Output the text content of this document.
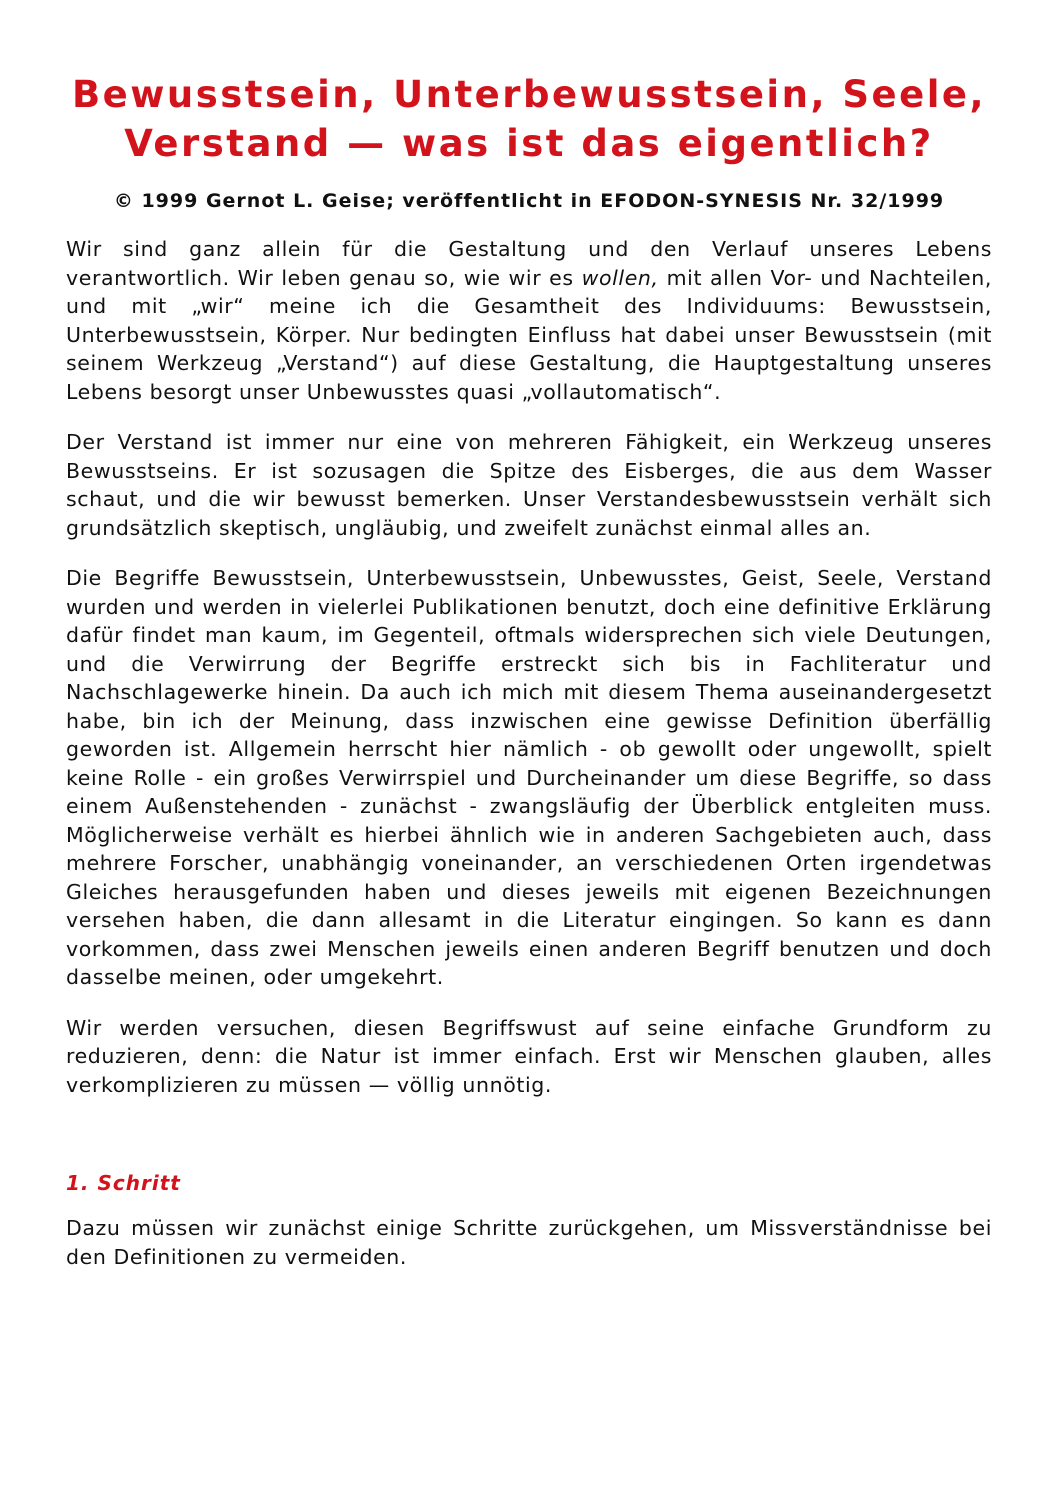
Bewusstsein, Unterbewusstsein, Seele, Verstand — was ist das eigentlich?

© 1999 Gernot L. Geise; veröffentlicht in EFODON-SYNESIS Nr. 32/1999

Wir sind ganz allein für die Gestaltung und den Verlauf unseres Lebens verantwortlich. Wir leben genau so, wie wir es wollen, mit allen Vor- und Nachteilen, und mit „wir“ meine ich die Gesamtheit des Individuums: Bewusstsein, Unterbewusstsein, Körper. Nur bedingten Einfluss hat dabei unser Bewusstsein (mit seinem Werkzeug „Verstand“) auf diese Gestaltung, die Hauptgestaltung unseres Lebens besorgt unser Unbewusstes quasi „vollautomatisch“.

Der Verstand ist immer nur eine von mehreren Fähigkeit, ein Werkzeug unseres Bewusstseins. Er ist sozusagen die Spitze des Eisberges, die aus dem Wasser schaut, und die wir bewusst bemerken. Unser Verstandesbewusstsein verhält sich grundsätzlich skeptisch, ungläubig, und zweifelt zunächst einmal alles an.

Die Begriffe Bewusstsein, Unterbewusstsein, Unbewusstes, Geist, Seele, Verstand wurden und werden in vielerlei Publikationen benutzt, doch eine definitive Erklärung dafür findet man kaum, im Gegenteil, oftmals widersprechen sich viele Deutungen, und die Verwirrung der Begriffe erstreckt sich bis in Fachliteratur und Nachschlagewerke hinein. Da auch ich mich mit diesem Thema auseinandergesetzt habe, bin ich der Meinung, dass inzwischen eine gewisse Definition überfällig geworden ist. Allgemein herrscht hier nämlich - ob gewollt oder ungewollt, spielt keine Rolle - ein großes Verwirrspiel und Durcheinander um diese Begriffe, so dass einem Außenstehenden - zunächst - zwangsläufig der Überblick entgleiten muss. Möglicherweise verhält es hierbei ähnlich wie in anderen Sachgebieten auch, dass mehrere Forscher, unabhängig voneinander, an verschiedenen Orten irgendetwas Gleiches herausgefunden haben und dieses jeweils mit eigenen Bezeichnungen versehen haben, die dann allesamt in die Literatur eingingen. So kann es dann vorkommen, dass zwei Menschen jeweils einen anderen Begriff benutzen und doch dasselbe meinen, oder umgekehrt.

Wir werden versuchen, diesen Begriffswust auf seine einfache Grundform zu reduzieren, denn: die Natur ist immer einfach. Erst wir Menschen glauben, alles verkomplizieren zu müssen — völlig unnötig.

1. Schritt

Dazu müssen wir zunächst einige Schritte zurückgehen, um Missverständnisse bei den Definitionen zu vermeiden.
